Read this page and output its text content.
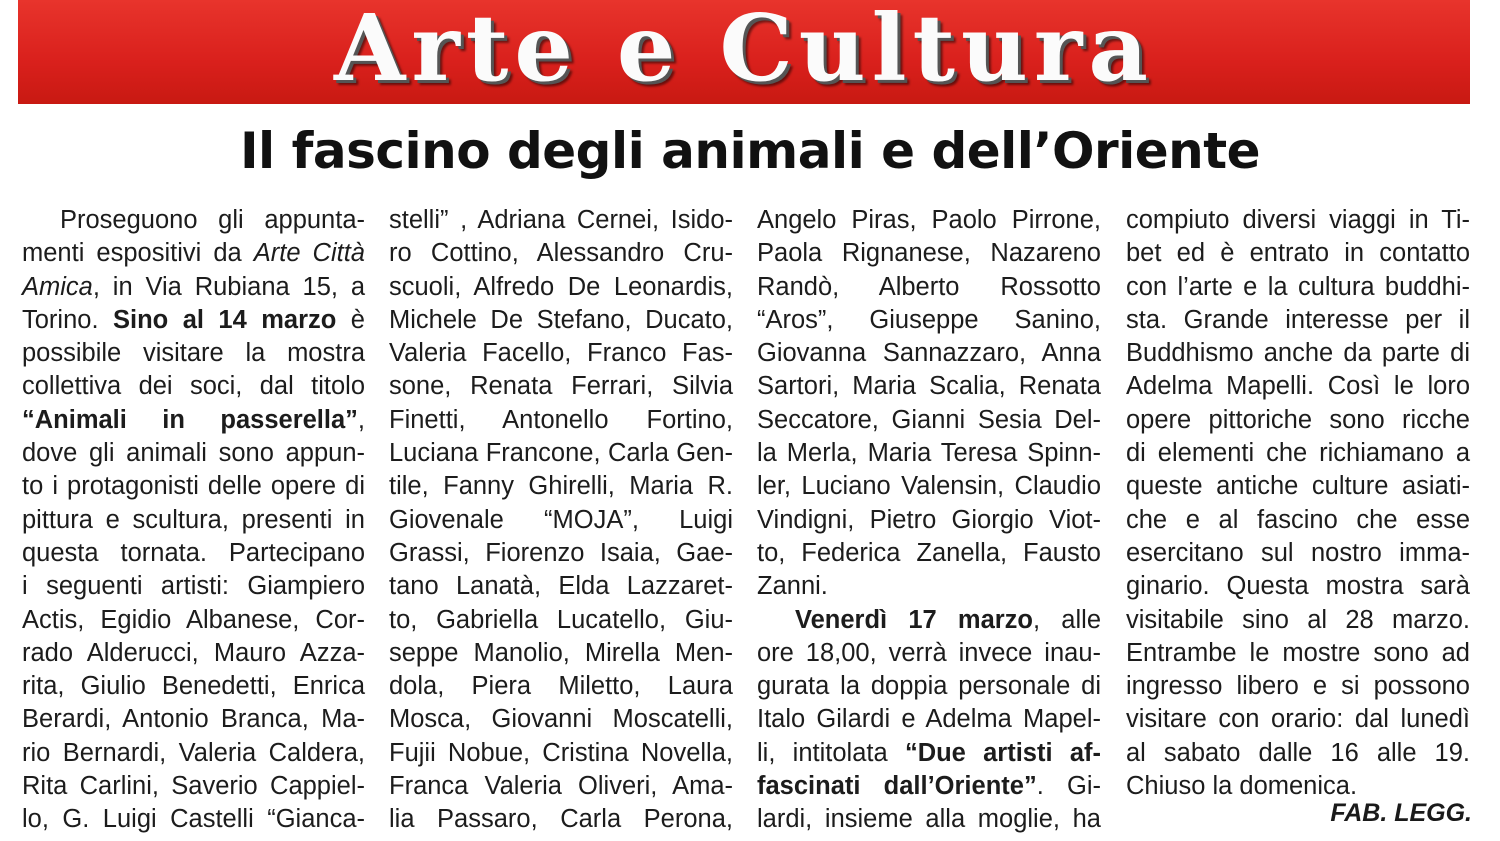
Arte e Cultura
Il fascino degli animali e dell’Oriente
Proseguono gli appunta-
menti espositivi da Arte Città
Amica, in Via Rubiana 15, a
Torino. Sino al 14 marzo è
possibile visitare la mostra
collettiva dei soci, dal titolo
“Animali in passerella”,
dove gli animali sono appun-
to i protagonisti delle opere di
pittura e scultura, presenti in
questa tornata. Partecipano
i seguenti artisti: Giampiero
Actis, Egidio Albanese, Cor-
rado Alderucci, Mauro Azza-
rita, Giulio Benedetti, Enrica
Berardi, Antonio Branca, Ma-
rio Bernardi, Valeria Caldera,
Rita Carlini, Saverio Cappiel-
lo, G. Luigi Castelli “Gianca-
stelli” , Adriana Cernei, Isido-
ro Cottino, Alessandro Cru-
scuoli, Alfredo De Leonardis,
Michele De Stefano, Ducato,
Valeria Facello, Franco Fas-
sone, Renata Ferrari, Silvia
Finetti, Antonello Fortino,
Luciana Francone, Carla Gen-
tile, Fanny Ghirelli, Maria R.
Giovenale “MOJA”, Luigi
Grassi, Fiorenzo Isaia, Gae-
tano Lanatà, Elda Lazzaret-
to, Gabriella Lucatello, Giu-
seppe Manolio, Mirella Men-
dola, Piera Miletto, Laura
Mosca, Giovanni Moscatelli,
Fujii Nobue, Cristina Novella,
Franca Valeria Oliveri, Ama-
lia Passaro, Carla Perona,
Angelo Piras, Paolo Pirrone,
Paola Rignanese, Nazareno
Randò, Alberto Rossotto
“Aros”, Giuseppe Sanino,
Giovanna Sannazzaro, Anna
Sartori, Maria Scalia, Renata
Seccatore, Gianni Sesia Del-
la Merla, Maria Teresa Spinn-
ler, Luciano Valensin, Claudio
Vindigni, Pietro Giorgio Viot-
to, Federica Zanella, Fausto
Zanni.
Venerdì 17 marzo, alle
ore 18,00, verrà invece inau-
gurata la doppia personale di
Italo Gilardi e Adelma Mapel-
li, intitolata “Due artisti af-
fascinati dall’Oriente”. Gi-
lardi, insieme alla moglie, ha
compiuto diversi viaggi in Ti-
bet ed è entrato in contatto
con l’arte e la cultura buddhi-
sta. Grande interesse per il
Buddhismo anche da parte di
Adelma Mapelli. Così le loro
opere pittoriche sono ricche
di elementi che richiamano a
queste antiche culture asiati-
che e al fascino che esse
esercitano sul nostro imma-
ginario. Questa mostra sarà
visitabile sino al 28 marzo.
Entrambe le mostre sono ad
ingresso libero e si possono
visitare con orario: dal lunedì
al sabato dalle 16 alle 19.
Chiuso la domenica.
FAB. LEGG.
